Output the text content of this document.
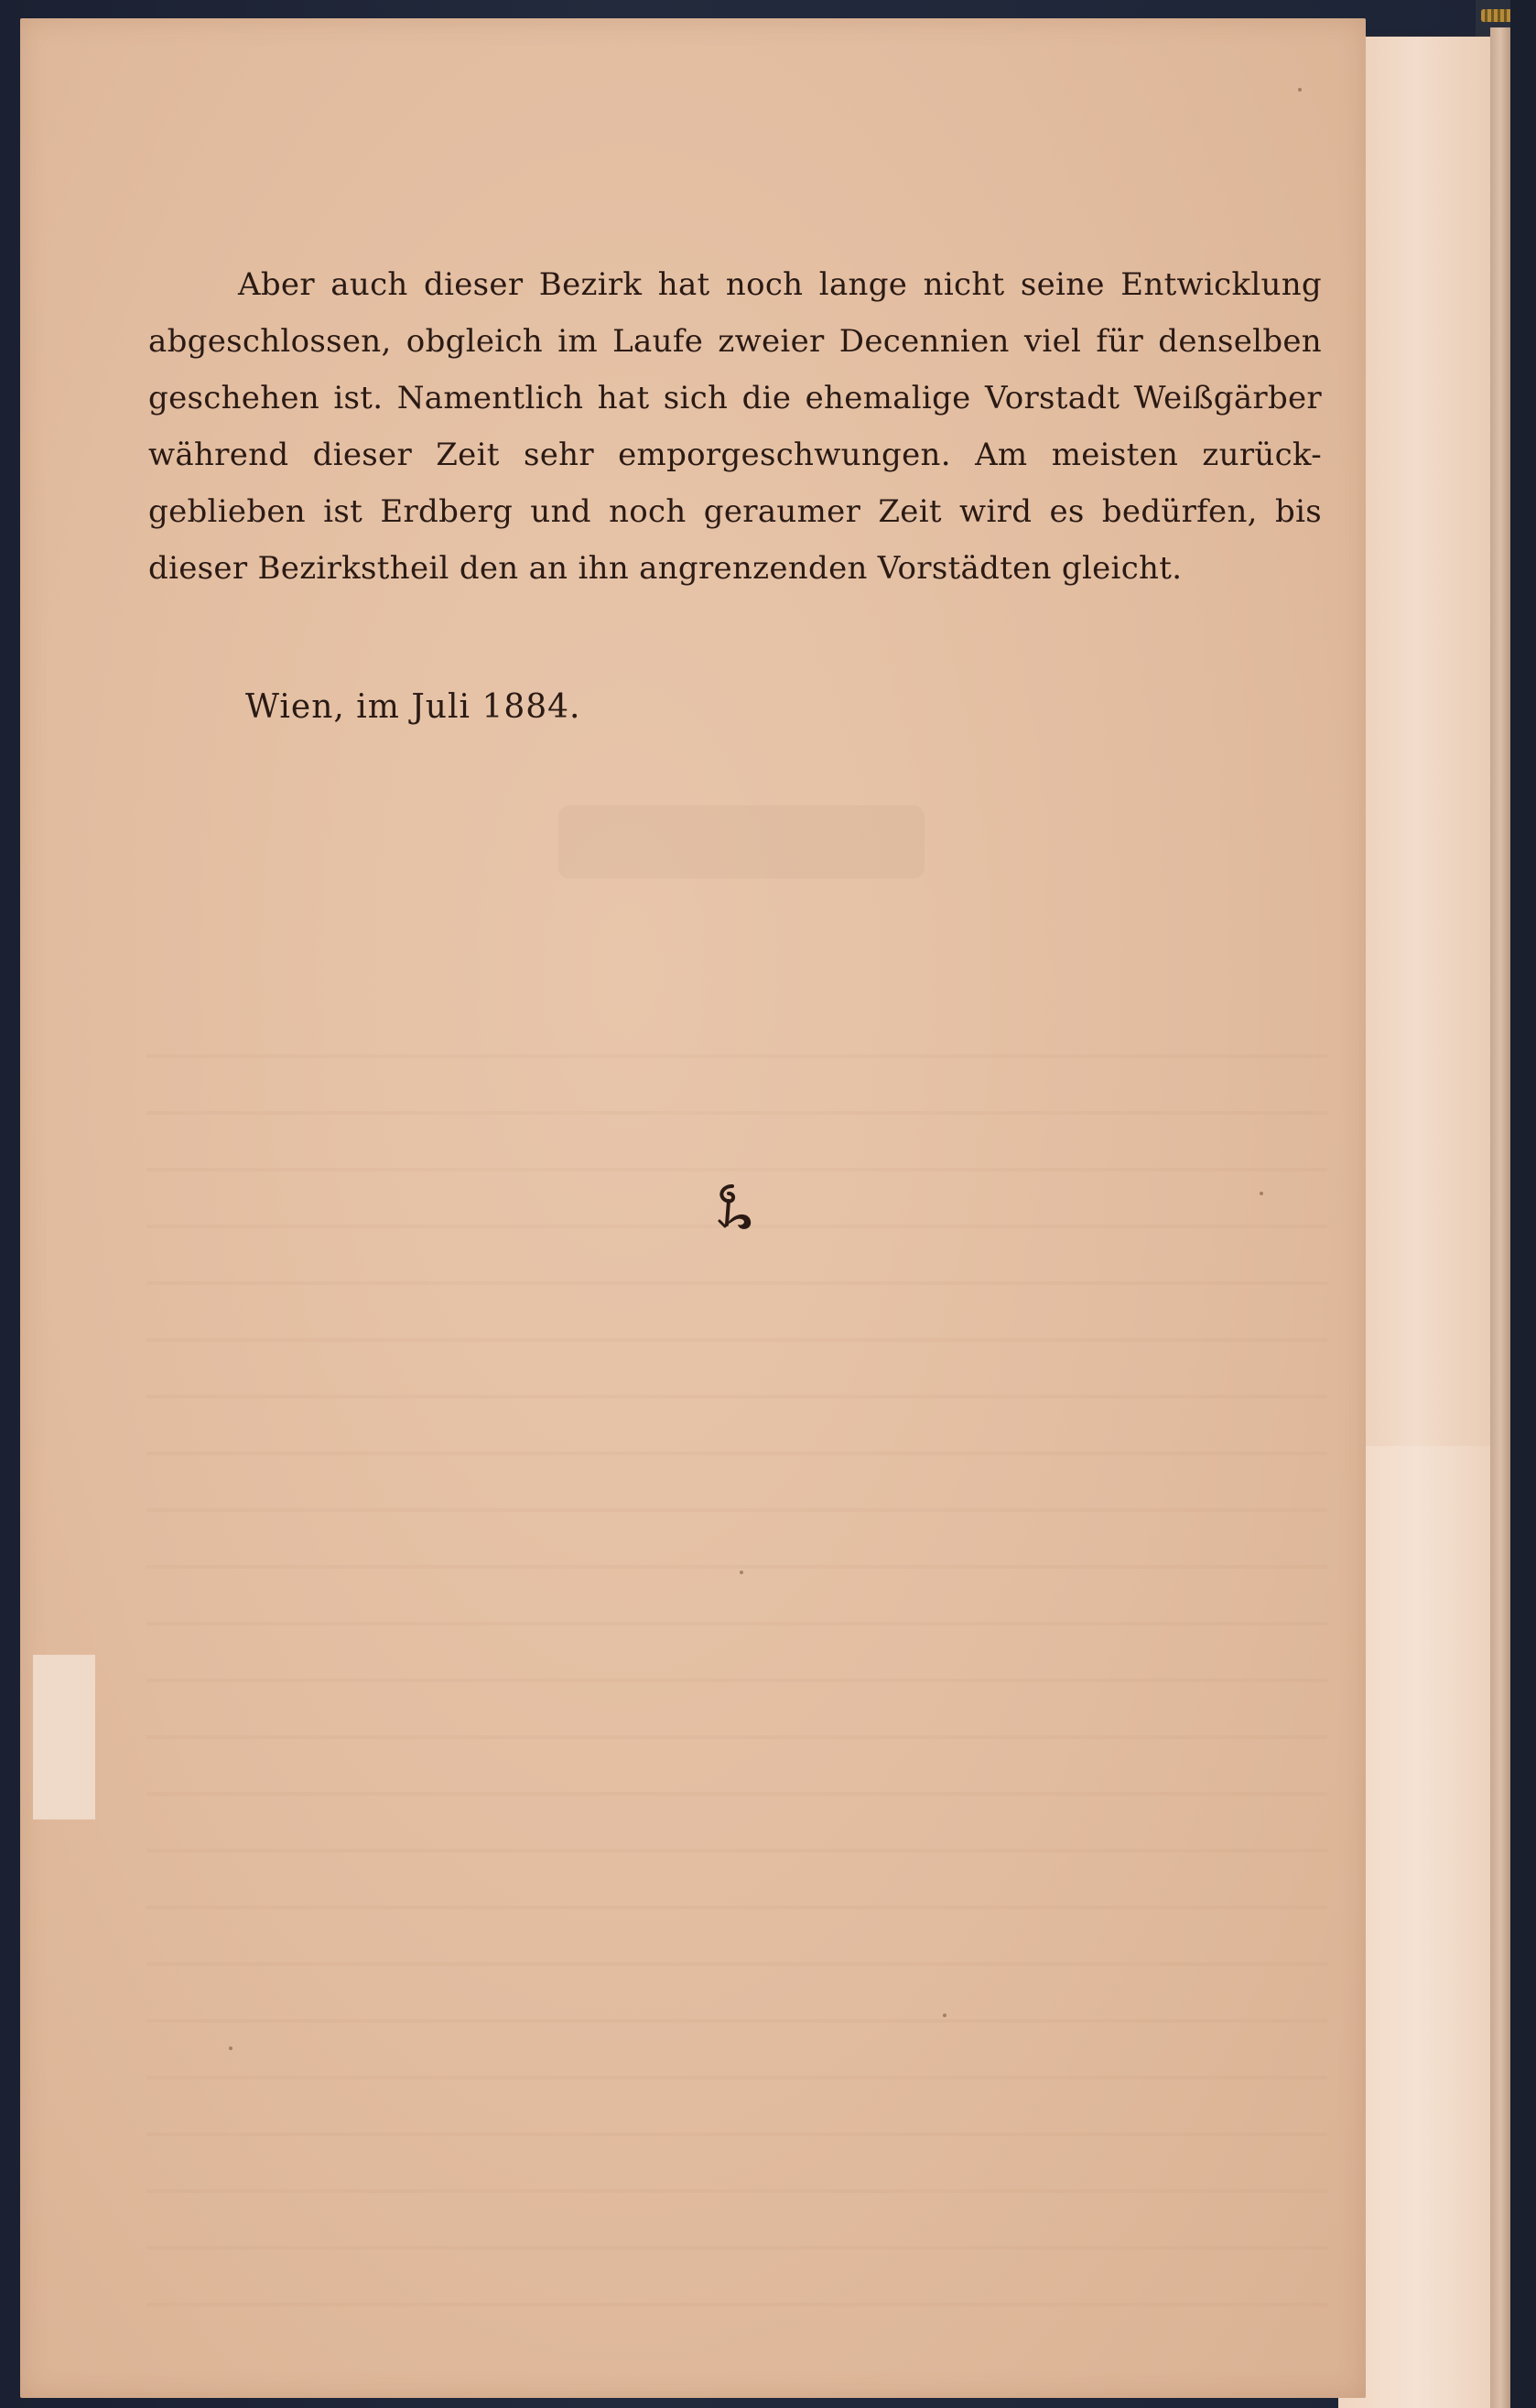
Aber auch dieser Bezirk hat noch lange nicht seine Entwicklung
abgeschlossen, obgleich im Laufe zweier Decennien viel für denselben
geschehen ist. Namentlich hat sich die ehemalige Vorstadt Weißgärber
während dieser Zeit sehr emporgeschwungen. Am meisten zurück-
geblieben ist Erdberg und noch geraumer Zeit wird es bedürfen, bis
dieser Bezirkstheil den an ihn angrenzenden Vorstädten gleicht.
Wien, im Juli 1884.
